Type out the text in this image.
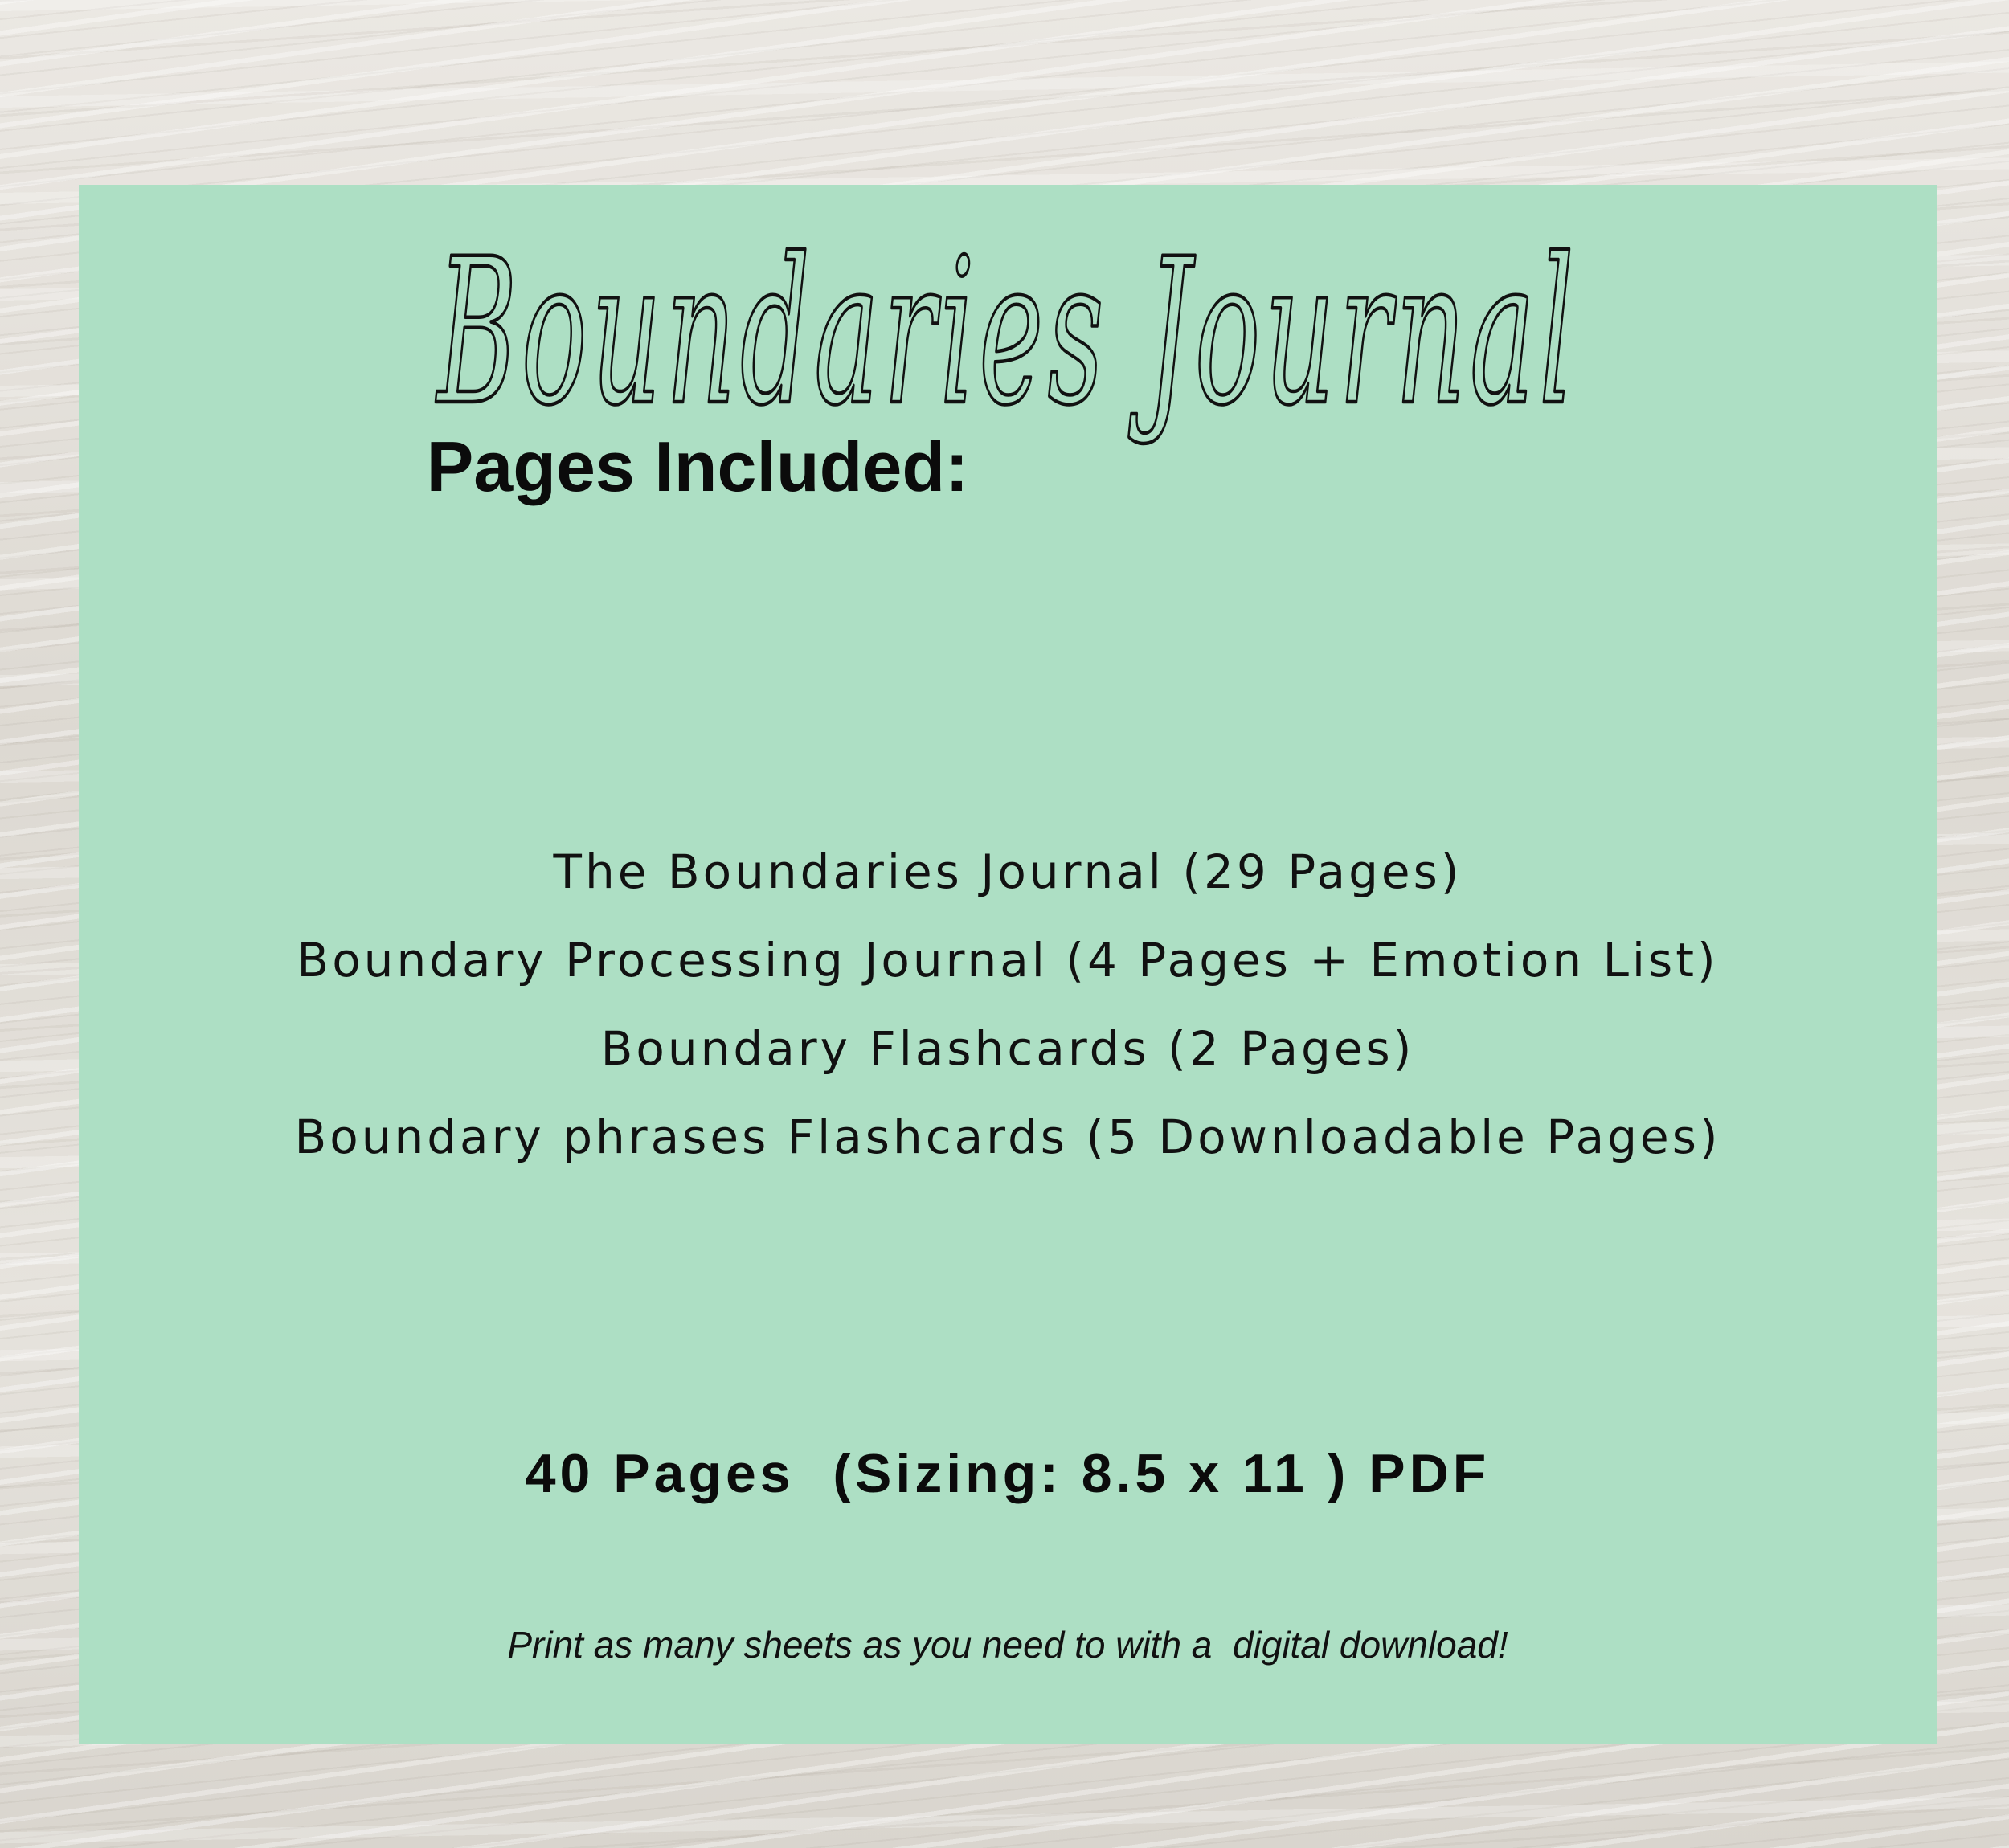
Boundaries Journal
Pages Included:
The Boundaries Journal (29 Pages)
Boundary Processing Journal (4 Pages + Emotion List)
Boundary Flashcards (2 Pages)
Boundary phrases Flashcards (5 Downloadable Pages)
40 Pages  (Sizing: 8.5 x 11 ) PDF
Print as many sheets as you need to with a  digital download!
